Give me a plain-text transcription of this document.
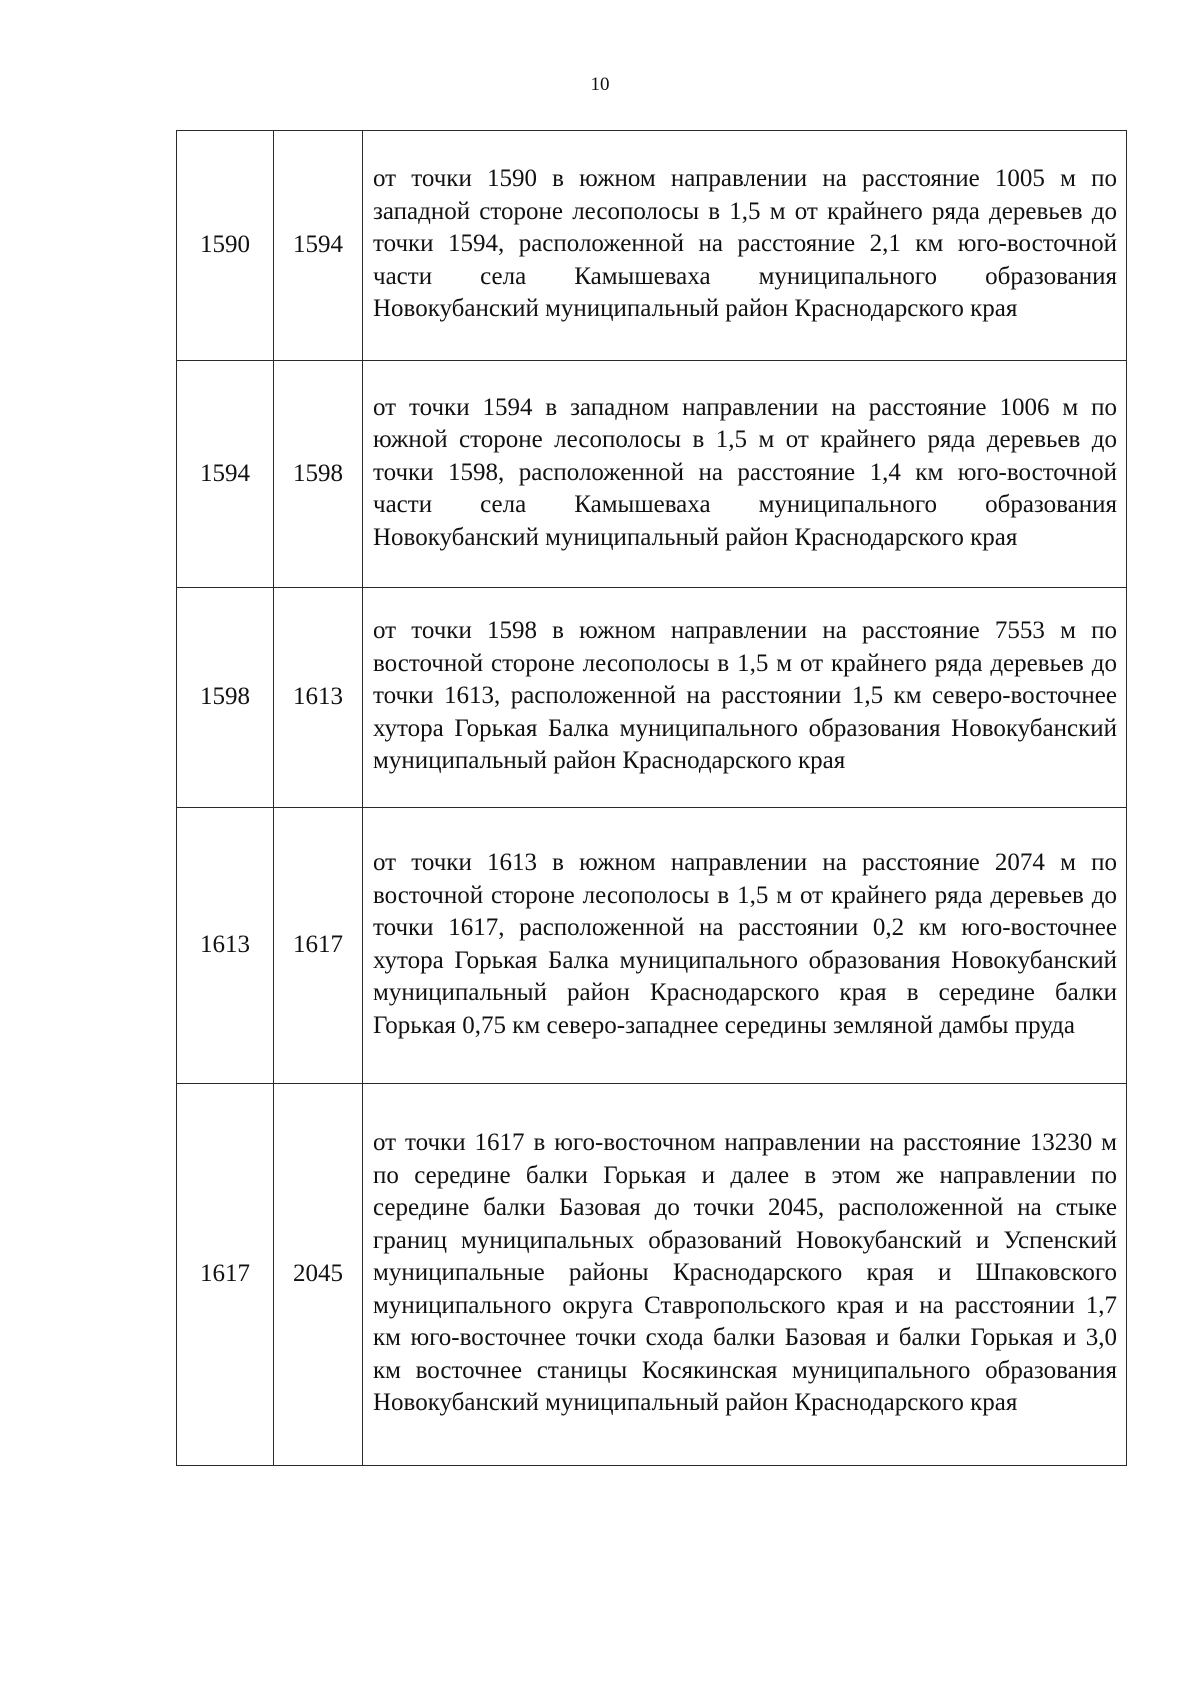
10
1590	1594	от точки 1590 в южном направлении на расстояние 1005 м по западной стороне лесополосы в 1,5 м от крайнего ряда деревьев до точки 1594, расположенной на расстояние 2,1 км юго-восточной части села Камышеваха муниципального образования Новокубанский муниципальный район Краснодарского края
1594	1598	от точки 1594 в западном направлении на расстояние 1006 м по южной стороне лесополосы в 1,5 м от крайнего ряда деревьев до точки 1598, расположенной на расстояние 1,4 км юго-восточной части села Камышеваха муниципального образования Новокубанский муниципальный район Краснодарского края
1598	1613	от точки 1598 в южном направлении на расстояние 7553 м по восточной стороне лесополосы в 1,5 м от крайнего ряда деревьев до точки 1613, расположенной на расстоянии 1,5 км северо-восточнее хутора Горькая Балка муниципального образования Новокубанский муниципальный район Краснодарского края
1613	1617	от точки 1613 в южном направлении на расстояние 2074 м по восточной стороне лесополосы в 1,5 м от крайнего ряда деревьев до точки 1617, расположенной на расстоянии 0,2 км юго-восточнее хутора Горькая Балка муниципального образования Новокубанский муниципальный район Краснодарского края в середине балки Горькая 0,75 км северо-западнее середины земляной дамбы пруда
1617	2045	от точки 1617 в юго-восточном направлении на расстояние 13230 м по середине балки Горькая и далее в этом же направлении по середине балки Базовая до точки 2045, расположенной на стыке границ муниципальных образований Новокубанский и Успенский муниципальные районы Краснодарского края и Шпаковского муниципального округа Ставропольского края и на расстоянии 1,7 км юго-восточнее точки схода балки Базовая и балки Горькая и 3,0 км восточнее станицы Косякинская муниципального образования Новокубанский муниципальный район Краснодарского края
